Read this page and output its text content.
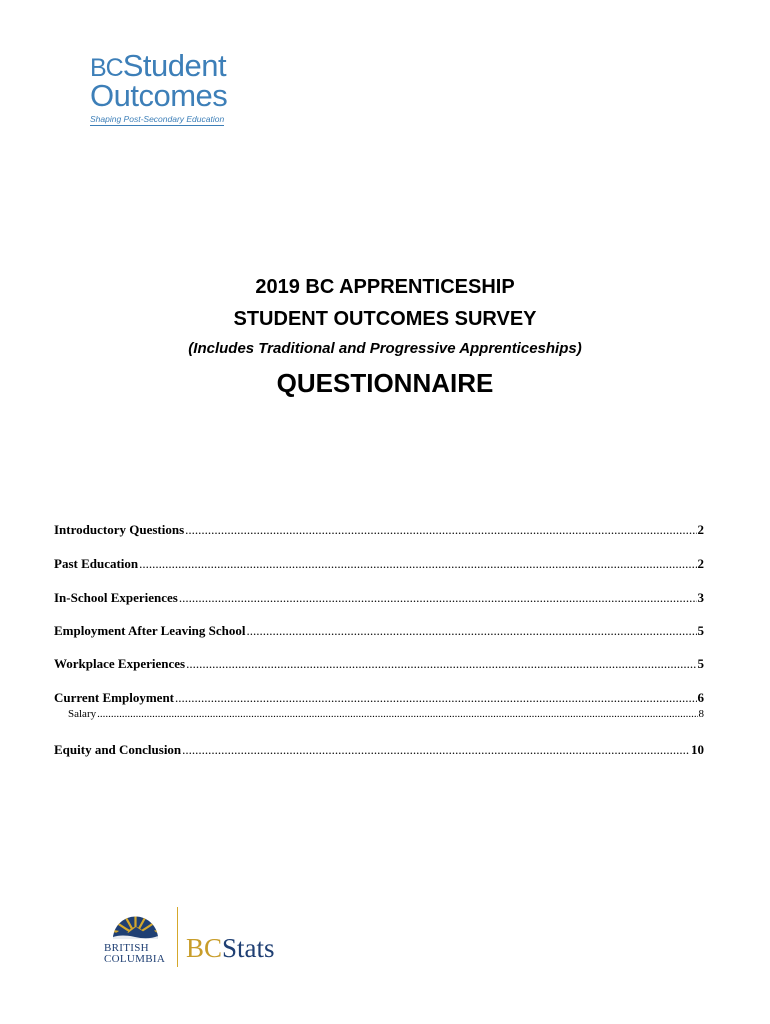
BCStudent
Outcomes
Shaping Post-Secondary Education
2019 BC APPRENTICESHIP
STUDENT OUTCOMES SURVEY
(Includes Traditional and Progressive Apprenticeships)
QUESTIONNAIRE
Introductory Questions .....	2
Past Education .....	2
In-School Experiences .....	3
Employment After Leaving School .....	5
Workplace Experiences .....	5
Current Employment .....	6
Salary .....	8
Equity and Conclusion .....	10
BRITISH
COLUMBIA BCStats
